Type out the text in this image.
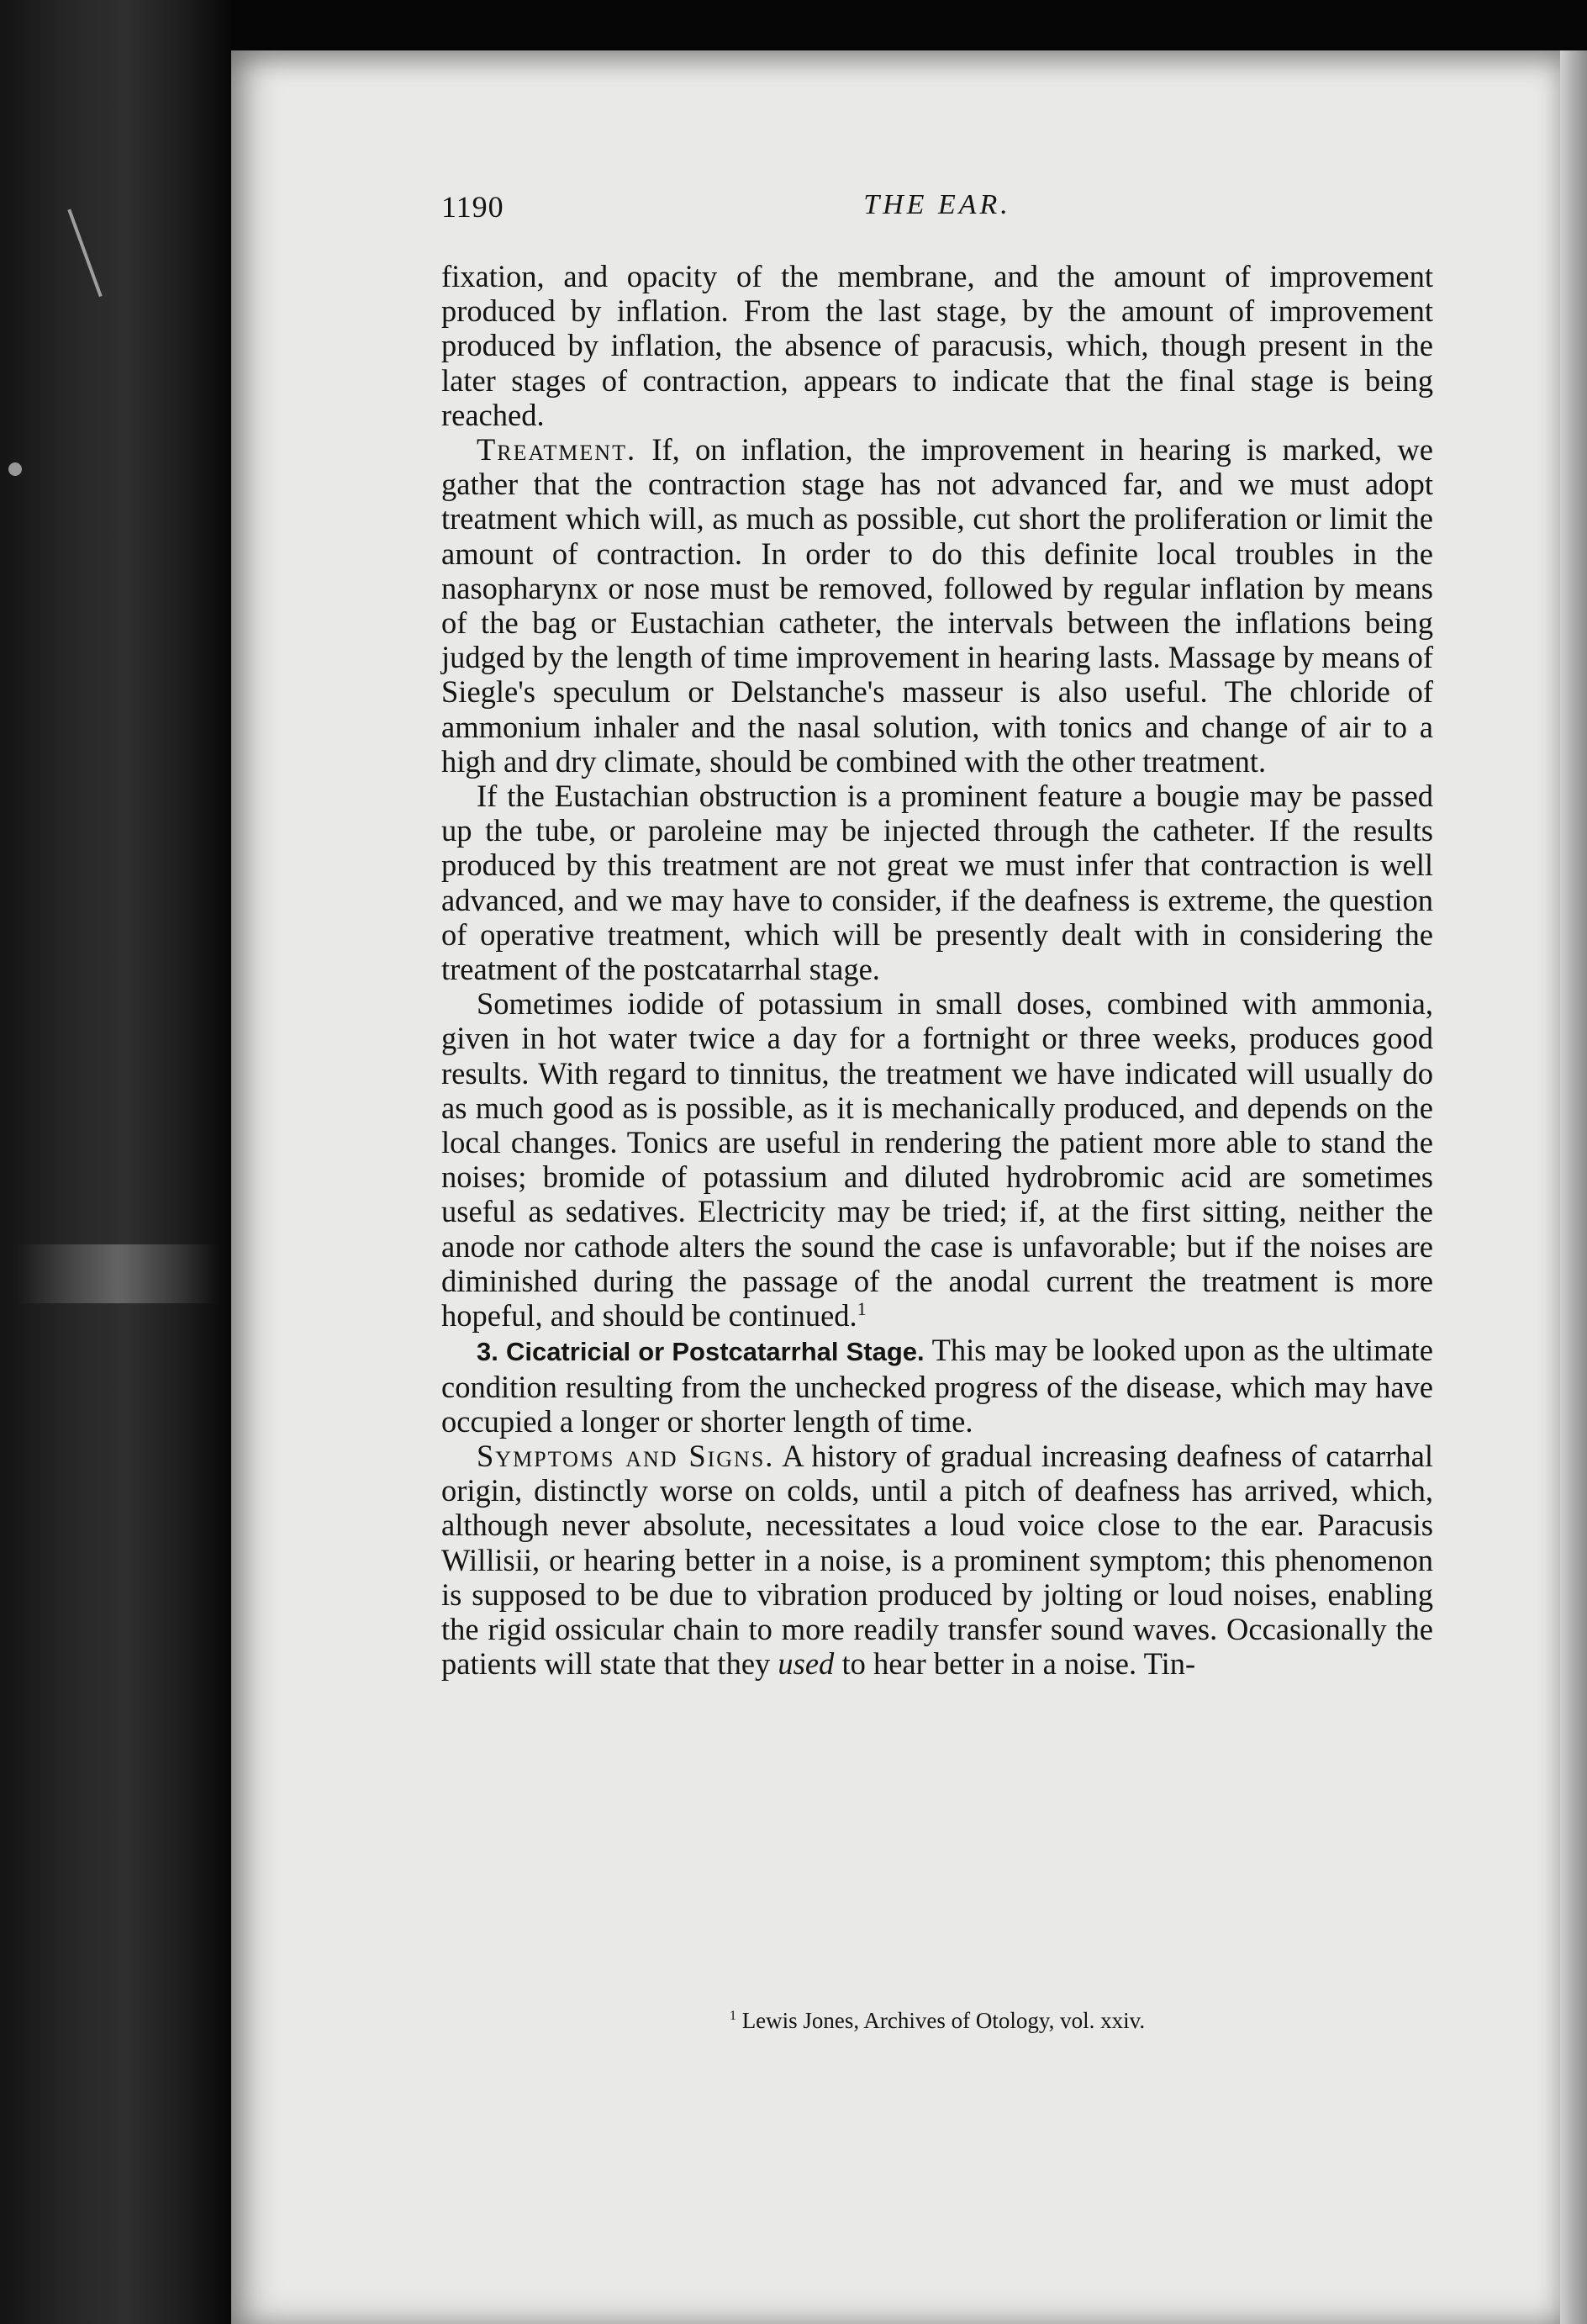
1190	THE EAR.

fixation, and opacity of the membrane, and the amount of improvement produced by inflation. From the last stage, by the amount of improvement produced by inflation, the absence of paracusis, which, though present in the later stages of contraction, appears to indicate that the final stage is being reached.

Treatment. If, on inflation, the improvement in hearing is marked, we gather that the contraction stage has not advanced far, and we must adopt treatment which will, as much as possible, cut short the proliferation or limit the amount of contraction. In order to do this definite local troubles in the nasopharynx or nose must be removed, followed by regular inflation by means of the bag or Eustachian catheter, the intervals between the inflations being judged by the length of time improvement in hearing lasts. Massage by means of Siegle's speculum or Delstanche's masseur is also useful. The chloride of ammonium inhaler and the nasal solution, with tonics and change of air to a high and dry climate, should be combined with the other treatment.

If the Eustachian obstruction is a prominent feature a bougie may be passed up the tube, or paroleine may be injected through the catheter. If the results produced by this treatment are not great we must infer that contraction is well advanced, and we may have to consider, if the deafness is extreme, the question of operative treatment, which will be presently dealt with in considering the treatment of the postcatarrhal stage.

Sometimes iodide of potassium in small doses, combined with ammonia, given in hot water twice a day for a fortnight or three weeks, produces good results. With regard to tinnitus, the treatment we have indicated will usually do as much good as is possible, as it is mechanically produced, and depends on the local changes. Tonics are useful in rendering the patient more able to stand the noises; bromide of potassium and diluted hydrobromic acid are sometimes useful as sedatives. Electricity may be tried; if, at the first sitting, neither the anode nor cathode alters the sound the case is unfavorable; but if the noises are diminished during the passage of the anodal current the treatment is more hopeful, and should be continued.$^1$

3. Cicatricial or Postcatarrhal Stage. This may be looked upon as the ultimate condition resulting from the unchecked progress of the disease, which may have occupied a longer or shorter length of time.

Symptoms and Signs. A history of gradual increasing deafness of catarrhal origin, distinctly worse on colds, until a pitch of deafness has arrived, which, although never absolute, necessitates a loud voice close to the ear. Paracusis Willisii, or hearing better in a noise, is a prominent symptom; this phenomenon is supposed to be due to vibration produced by jolting or loud noises, enabling the rigid ossicular chain to more readily transfer sound waves. Occasionally the patients will state that they used to hear better in a noise. Tin-

$^1$ Lewis Jones, Archives of Otology, vol. xxiv.
